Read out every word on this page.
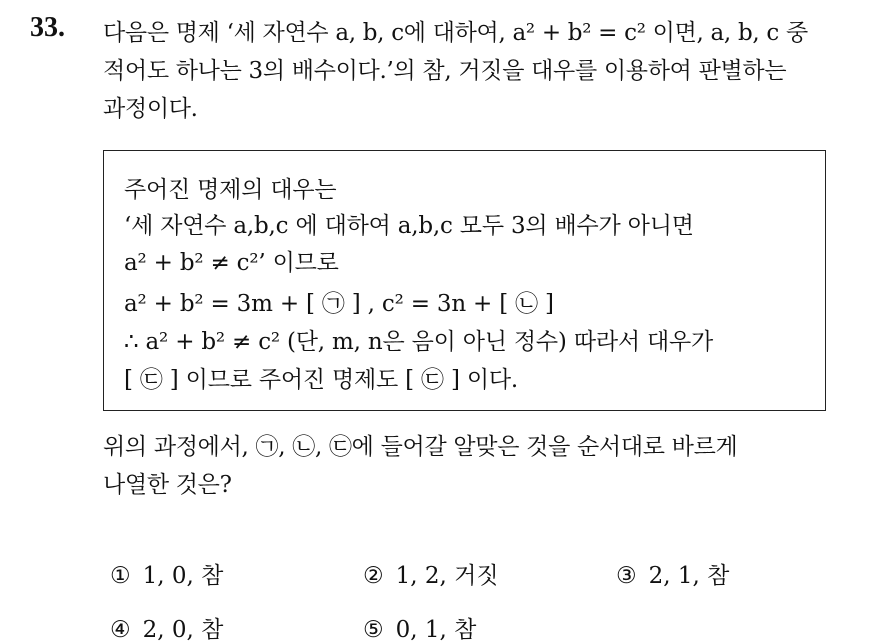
33. 다음은 명제 ‘세 자연수 a, b, c에 대하여, a² + b² = c² 이면, a, b, c 중
적어도 하나는 3의 배수이다.’의 참, 거짓을 대우를 이용하여 판별하는
과정이다.
주어진 명제의 대우는
‘세 자연수 a,b,c 에 대하여 a,b,c 모두 3의 배수가 아니면
a² + b² ≠ c²’ 이므로
a² + b² = 3m + [ ㉠ ] , c² = 3n + [ ㉡ ]
∴ a² + b² ≠ c² (단, m, n은 음이 아닌 정수) 따라서 대우가
[ ㉢ ] 이므로 주어진 명제도 [ ㉢ ] 이다.
위의 과정에서, ㉠, ㉡, ㉢에 들어갈 알맞은 것을 순서대로 바르게
나열한 것은?
① 1, 0, 참	② 1, 2, 거짓	③ 2, 1, 참
④ 2, 0, 참	⑤ 0, 1, 참
